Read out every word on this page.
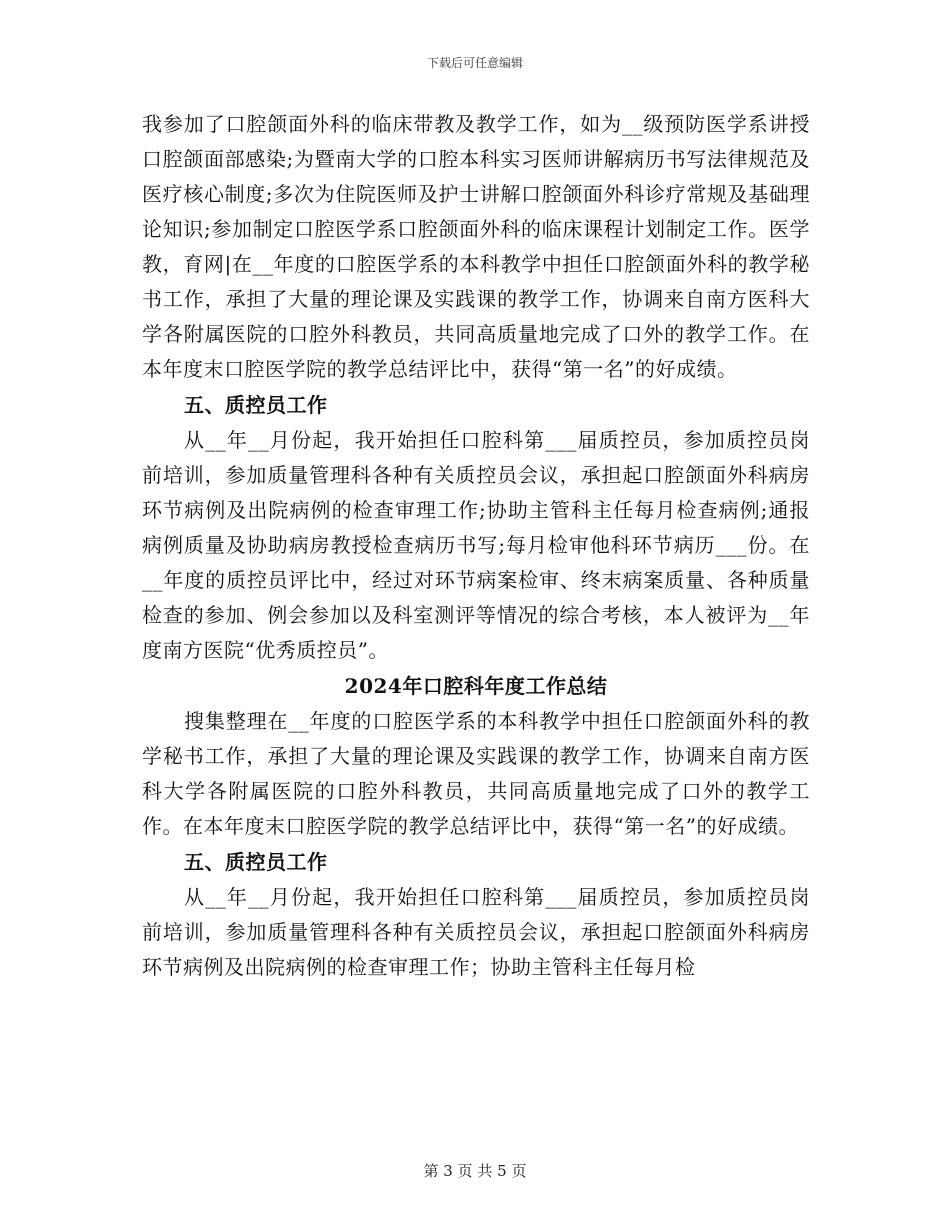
下载后可任意编辑

我参加了口腔颌面外科的临床带教及教学工作，如为__级预防医学系讲授口腔颌面部感染;为暨南大学的口腔本科实习医师讲解病历书写法律规范及医疗核心制度;多次为住院医师及护士讲解口腔颌面外科诊疗常规及基础理论知识;参加制定口腔医学系口腔颌面外科的临床课程计划制定工作。医学教，育网|在__年度的口腔医学系的本科教学中担任口腔颌面外科的教学秘书工作，承担了大量的理论课及实践课的教学工作，协调来自南方医科大学各附属医院的口腔外科教员，共同高质量地完成了口外的教学工作。在本年度末口腔医学院的教学总结评比中，获得“第一名”的好成绩。

五、质控员工作

从__年__月份起，我开始担任口腔科第___届质控员，参加质控员岗前培训，参加质量管理科各种有关质控员会议，承担起口腔颌面外科病房环节病例及出院病例的检查审理工作;协助主管科主任每月检查病例;通报病例质量及协助病房教授检查病历书写;每月检审他科环节病历___份。在__年度的质控员评比中，经过对环节病案检审、终末病案质量、各种质量检查的参加、例会参加以及科室测评等情况的综合考核，本人被评为__年度南方医院“优秀质控员”。

2024年口腔科年度工作总结

搜集整理在__年度的口腔医学系的本科教学中担任口腔颌面外科的教学秘书工作，承担了大量的理论课及实践课的教学工作，协调来自南方医科大学各附属医院的口腔外科教员，共同高质量地完成了口外的教学工作。在本年度末口腔医学院的教学总结评比中，获得“第一名”的好成绩。

五、质控员工作

从__年__月份起，我开始担任口腔科第___届质控员，参加质控员岗前培训，参加质量管理科各种有关质控员会议，承担起口腔颌面外科病房环节病例及出院病例的检查审理工作；协助主管科主任每月检

第 3 页 共 5 页
